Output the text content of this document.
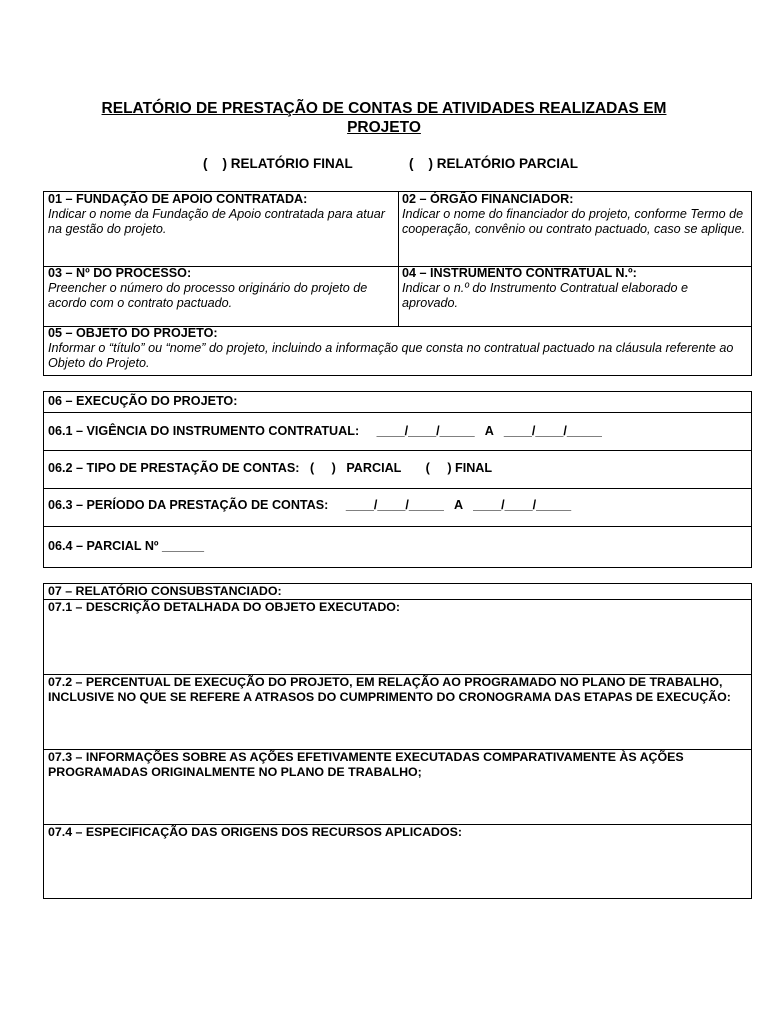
RELATÓRIO DE PRESTAÇÃO DE CONTAS DE ATIVIDADES REALIZADAS EM PROJETO
(    ) RELATÓRIO FINAL	(    ) RELATÓRIO PARCIAL
01 – FUNDAÇÃO DE APOIO CONTRATADA:
Indicar o nome da Fundação de Apoio contratada para atuar na gestão do projeto.
02 – ÓRGÃO FINANCIADOR:
Indicar o nome do financiador do projeto, conforme Termo de cooperação, convênio ou contrato pactuado, caso se aplique.
03 – Nº DO PROCESSO:
Preencher o número do processo originário do projeto de acordo com o contrato pactuado.
04 – INSTRUMENTO CONTRATUAL N.º:
Indicar o n.º do Instrumento Contratual elaborado e aprovado.
05 – OBJETO DO PROJETO:
Informar o “título” ou “nome” do projeto, incluindo a informação que consta no contratual pactuado na cláusula referente ao Objeto do Projeto.
06 – EXECUÇÃO DO PROJETO:
06.1 – VIGÊNCIA DO INSTRUMENTO CONTRATUAL:     ____/____/_____   A   ____/____/_____
06.2 – TIPO DE PRESTAÇÃO DE CONTAS:   (     )   PARCIAL       (     ) FINAL
06.3 – PERÍODO DA PRESTAÇÃO DE CONTAS:     ____/____/_____   A   ____/____/_____
06.4 – PARCIAL Nº ______
07 – RELATÓRIO CONSUBSTANCIADO:
07.1 – DESCRIÇÃO DETALHADA DO OBJETO EXECUTADO:
07.2 – PERCENTUAL DE EXECUÇÃO DO PROJETO, EM RELAÇÃO AO PROGRAMADO NO PLANO DE TRABALHO, INCLUSIVE NO QUE SE REFERE A ATRASOS DO CUMPRIMENTO DO CRONOGRAMA DAS ETAPAS DE EXECUÇÃO:
07.3 – INFORMAÇÕES SOBRE AS AÇÕES EFETIVAMENTE EXECUTADAS COMPARATIVAMENTE ÀS AÇÕES PROGRAMADAS ORIGINALMENTE NO PLANO DE TRABALHO;
07.4 – ESPECIFICAÇÃO DAS ORIGENS DOS RECURSOS APLICADOS:
